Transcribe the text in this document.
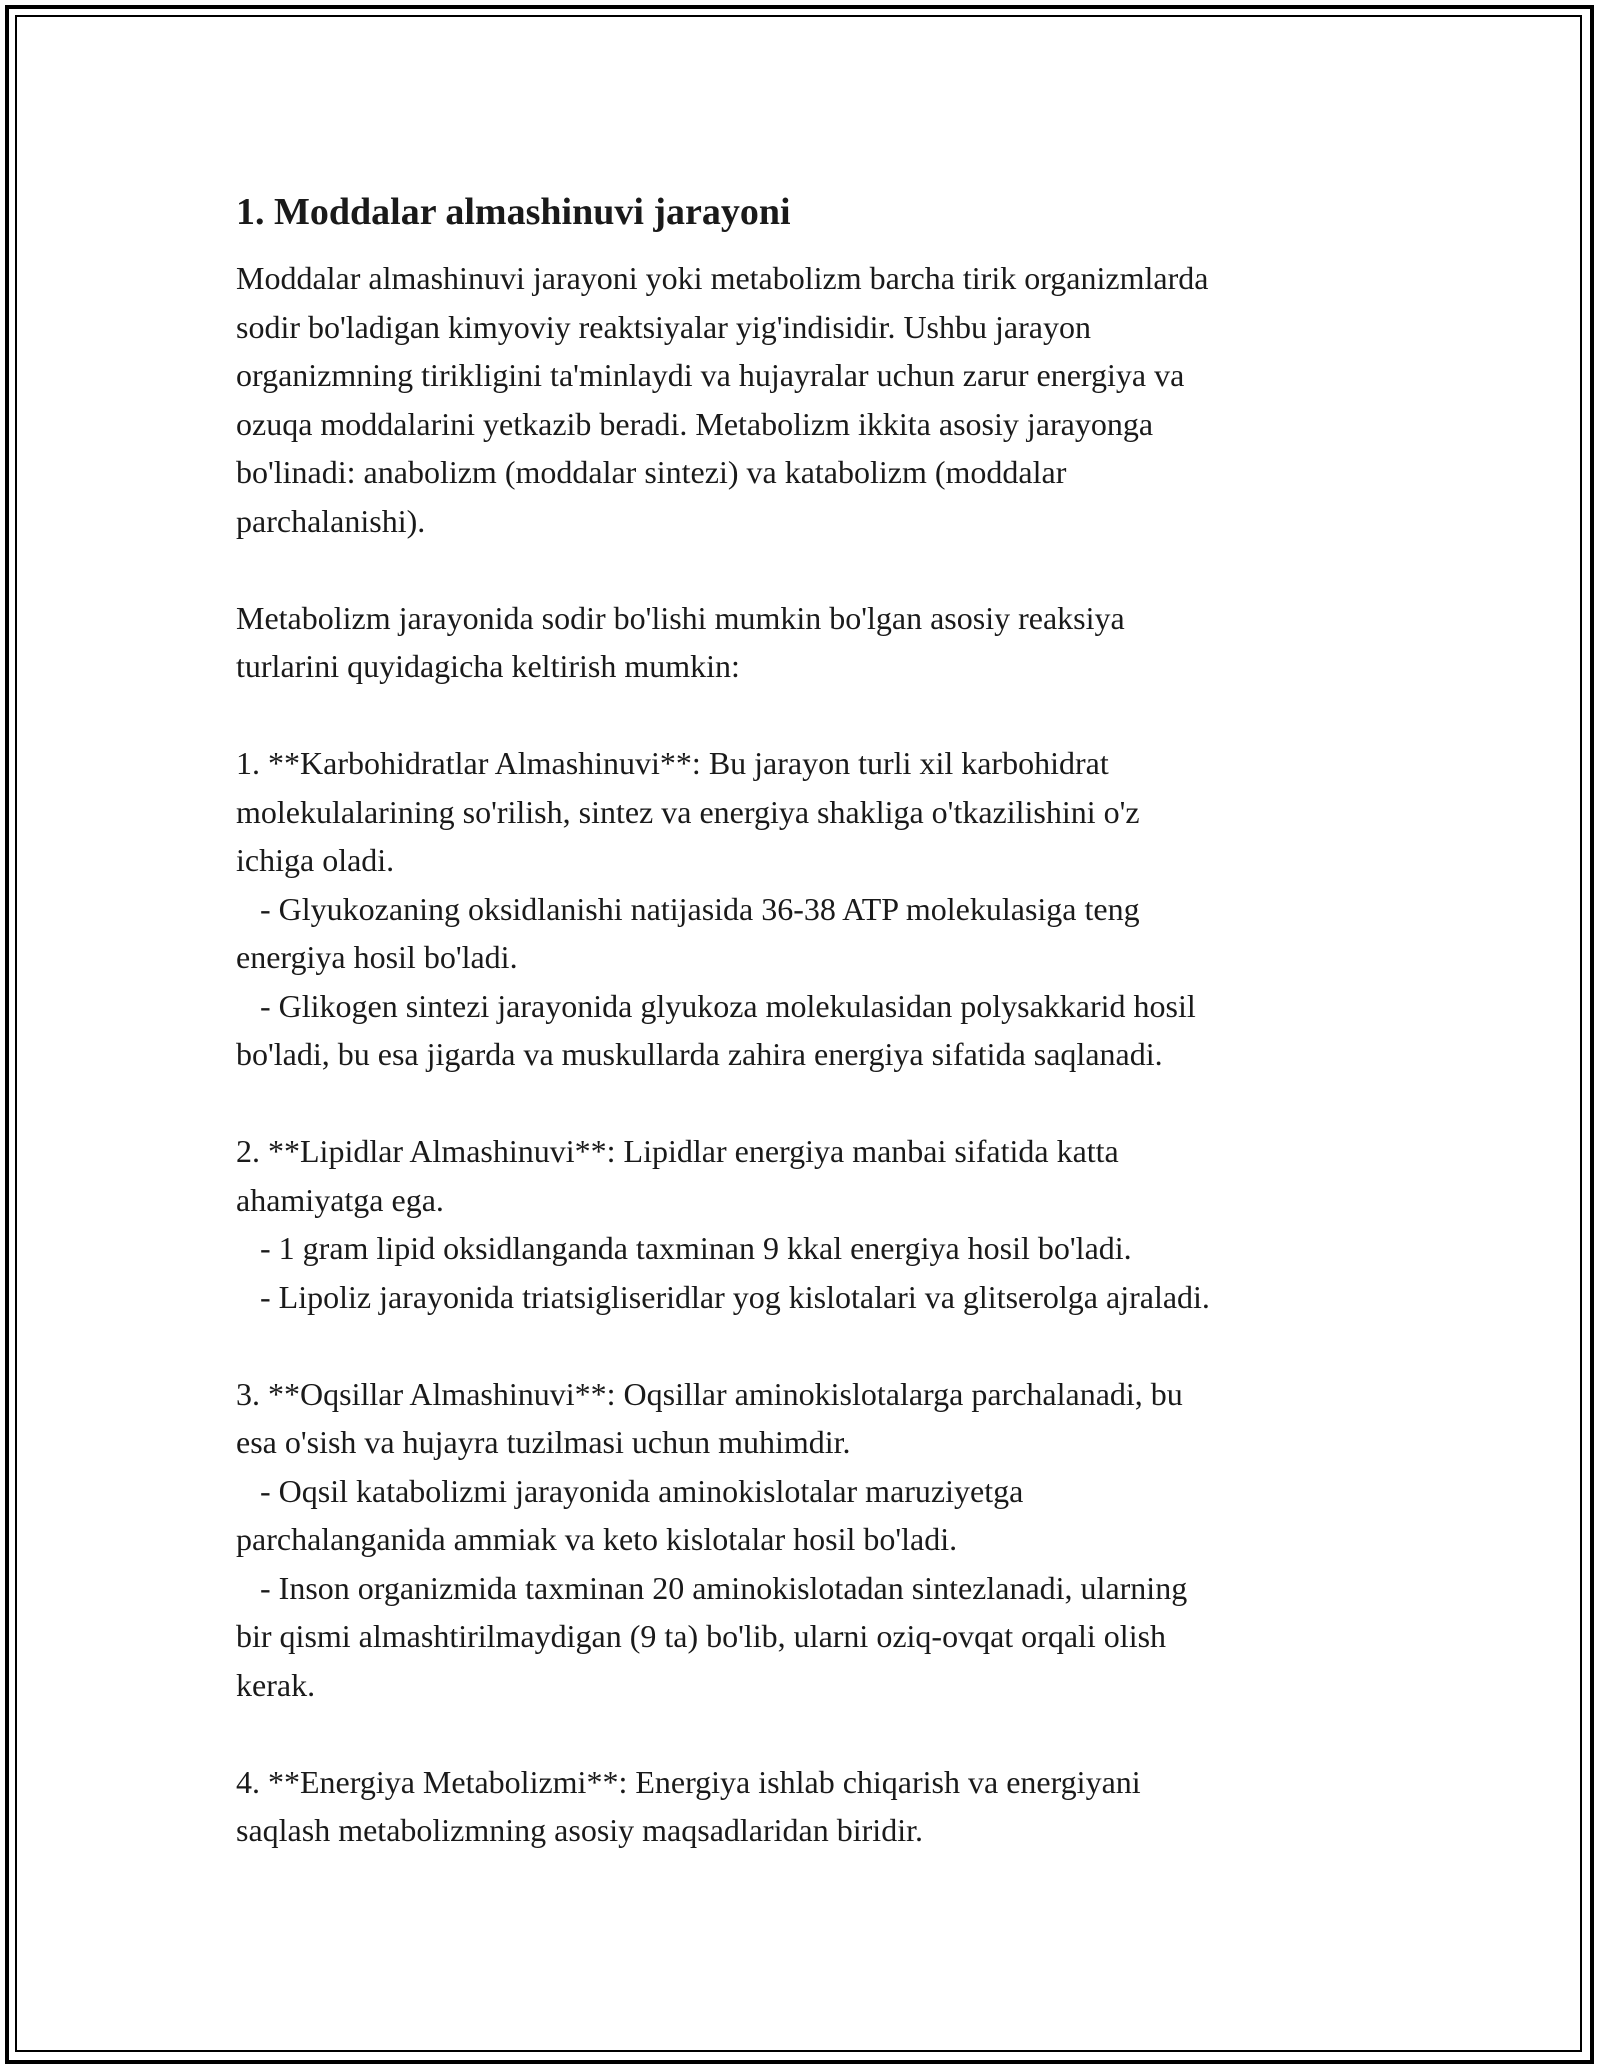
1. Moddalar almashinuvi jarayoni

Moddalar almashinuvi jarayoni yoki metabolizm barcha tirik organizmlarda
sodir bo'ladigan kimyoviy reaktsiyalar yig'indisidir. Ushbu jarayon
organizmning tirikligini ta'minlaydi va hujayralar uchun zarur energiya va
ozuqa moddalarini yetkazib beradi. Metabolizm ikkita asosiy jarayonga
bo'linadi: anabolizm (moddalar sintezi) va katabolizm (moddalar
parchalanishi).

Metabolizm jarayonida sodir bo'lishi mumkin bo'lgan asosiy reaksiya
turlarini quyidagicha keltirish mumkin:

1. **Karbohidratlar Almashinuvi**: Bu jarayon turli xil karbohidrat
molekulalarining so'rilish, sintez va energiya shakliga o'tkazilishini o'z
ichiga oladi.
- Glyukozaning oksidlanishi natijasida 36-38 ATP molekulasiga teng
energiya hosil bo'ladi.
- Glikogen sintezi jarayonida glyukoza molekulasidan polysakkarid hosil
bo'ladi, bu esa jigarda va muskullarda zahira energiya sifatida saqlanadi.

2. **Lipidlar Almashinuvi**: Lipidlar energiya manbai sifatida katta
ahamiyatga ega.
- 1 gram lipid oksidlanganda taxminan 9 kkal energiya hosil bo'ladi.
- Lipoliz jarayonida triatsigliseridlar yog kislotalari va glitserolga ajraladi.

3. **Oqsillar Almashinuvi**: Oqsillar aminokislotalarga parchalanadi, bu
esa o'sish va hujayra tuzilmasi uchun muhimdir.
- Oqsil katabolizmi jarayonida aminokislotalar maruziyetga
parchalanganida ammiak va keto kislotalar hosil bo'ladi.
- Inson organizmida taxminan 20 aminokislotadan sintezlanadi, ularning
bir qismi almashtirilmaydigan (9 ta) bo'lib, ularni oziq-ovqat orqali olish
kerak.

4. **Energiya Metabolizmi**: Energiya ishlab chiqarish va energiyani
saqlash metabolizmning asosiy maqsadlaridan biridir.
